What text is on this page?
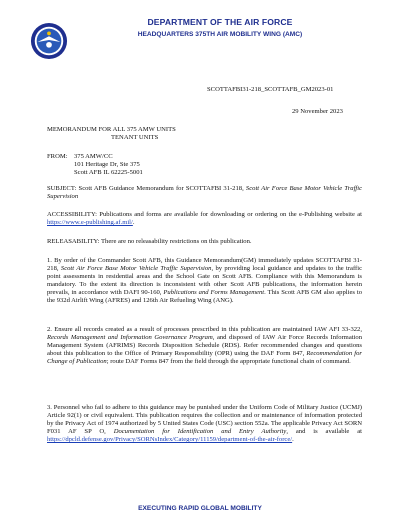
DEPARTMENT OF THE AIR FORCE
HEADQUARTERS 375TH AIR MOBILITY WING (AMC)
SCOTTAFBI31-218_SCOTTAFB_GM2023-01
29 November 2023
MEMORANDUM FOR ALL 375 AMW UNITS
TENANT UNITS
FROM: 375 AMW/CC
101 Heritage Dr, Ste 375
Scott AFB IL 62225-5001
SUBJECT: Scott AFB Guidance Memorandum for SCOTTAFBI 31-218, Scott Air Force Base Motor Vehicle Traffic Supervision
ACCESSIBILITY: Publications and forms are available for downloading or ordering on the e-Publishing website at https://www.e-publishing.af.mil/.
RELEASABILITY: There are no releasability restrictions on this publication.
1. By order of the Commander Scott AFB, this Guidance Memorandum(GM) immediately updates SCOTTAFBI 31-218, Scott Air Force Base Motor Vehicle Traffic Supervision, by providing local guidance and updates to the traffic point assessments in residential areas and the School Gate on Scott AFB. Compliance with this Memorandum is mandatory. To the extent its direction is inconsistent with other Scott AFB publications, the information herein prevails, in accordance with DAFI 90-160, Publications and Forms Management. This Scott AFB GM also applies to the 932d Airlift Wing (AFRES) and 126th Air Refueling Wing (ANG).
2. Ensure all records created as a result of processes prescribed in this publication are maintained IAW AFI 33-322, Records Management and Information Governance Program, and disposed of IAW Air Force Records Information Management System (AFRIMS) Records Disposition Schedule (RDS). Refer recommended changes and questions about this publication to the Office of Primary Responsibility (OPR) using the DAF Form 847, Recommendation for Change of Publication; route DAF Forms 847 from the field through the appropriate functional chain of command.
3. Personnel who fail to adhere to this guidance may be punished under the Uniform Code of Military Justice (UCMJ) Article 92(1) or civil equivalent. This publication requires the collection and or maintenance of information protected by the Privacy Act of 1974 authorized by 5 United States Code (USC) section 552a. The applicable Privacy Act SORN F031 AF SP O, Documentation for Identification and Entry Authority, and is available at https://dpcld.defense.gov/Privacy/SORNsIndex/Category/11159/department-of-the-air-force/.
EXECUTING RAPID GLOBAL MOBILITY
